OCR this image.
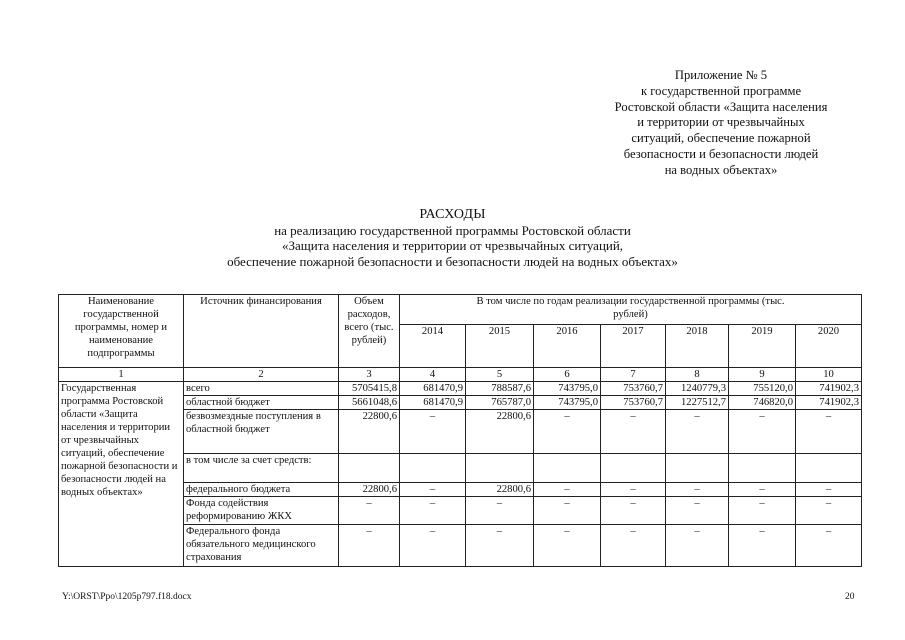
Приложение № 5
к государственной программе
Ростовской области «Защита населения
и территории от чрезвычайных
ситуаций, обеспечение пожарной
безопасности и безопасности людей
на водных объектах»
РАСХОДЫ
на реализацию государственной программы Ростовской области
«Защита населения и территории от чрезвычайных ситуаций,
обеспечение пожарной безопасности и безопасности людей на водных объектах»
Наименование государственной программы, номер и наименование подпрограммы	Источник финансирования	Объем расходов, всего (тыс. рублей)	В том числе по годам реализации государственной программы (тыс. рублей)						
			2014	2015	2016	2017	2018	2019	2020
1	2	3	4	5	6	7	8	9	10
Государственная программа Ростовской области «Защита населения и территории от чрезвычайных ситуаций, обеспечение пожарной безопасности и безопасности людей на водных объектах»	всего	5705415,8	681470,9	788587,6	743795,0	753760,7	1240779,3	755120,0	741902,3
	областной бюджет	5661048,6	681470,9	765787,0	743795,0	753760,7	1227512,7	746820,0	741902,3
	безвозмездные поступления в областной бюджет	22800,6	–	22800,6	–	–	–	–	–
	в том числе за счет средств:								
	федерального бюджета	22800,6	–	22800,6	–	–	–	–	–
	Фонда содействия реформированию ЖКХ	–	–	–	–	–	–	–	–
	Федерального фонда обязательного медицинского страхования	–	–	–	–	–	–	–	–
Y:\ORST\Ppo\1205p797.f18.docx	20
